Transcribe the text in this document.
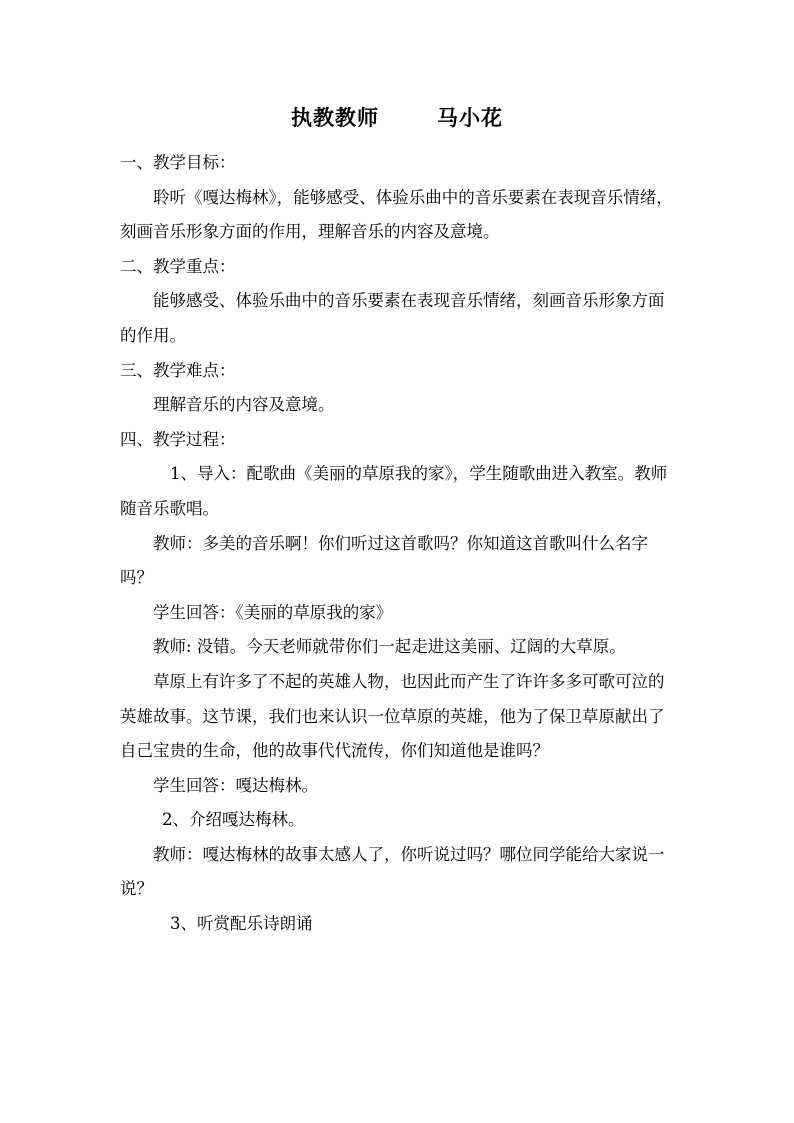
执教教师	马小花

一、教学目标：

聆听《嘎达梅林》，能够感受、体验乐曲中的音乐要素在表现音乐情绪，刻画音乐形象方面的作用，理解音乐的内容及意境。

二、教学重点：

能够感受、体验乐曲中的音乐要素在表现音乐情绪，刻画音乐形象方面的作用。

三、教学难点：

理解音乐的内容及意境。

四、教学过程：

1、导入：配歌曲《美丽的草原我的家》，学生随歌曲进入教室。教师随音乐歌唱。

教师：多美的音乐啊！你们听过这首歌吗？你知道这首歌叫什么名字吗？

学生回答：《美丽的草原我的家》

教师: 没错。今天老师就带你们一起走进这美丽、辽阔的大草原。

草原上有许多了不起的英雄人物，也因此而产生了许许多多可歌可泣的英雄故事。这节课，我们也来认识一位草原的英雄，他为了保卫草原献出了自己宝贵的生命，他的故事代代流传，你们知道他是谁吗？

学生回答：嘎达梅林。

2、介绍嘎达梅林。

教师：嘎达梅林的故事太感人了，你听说过吗？哪位同学能给大家说一说？

3、听赏配乐诗朗诵
